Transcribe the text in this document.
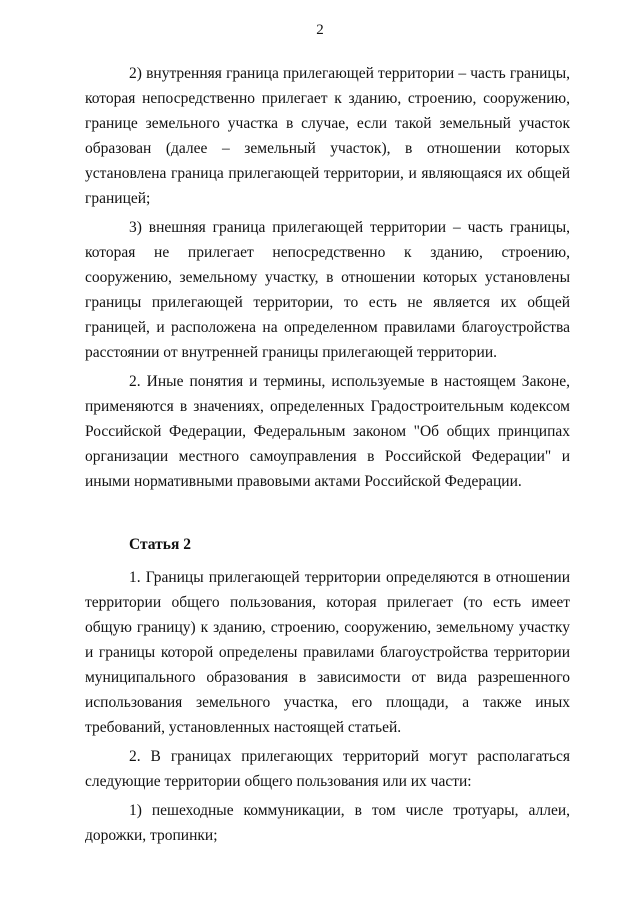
2

2) внутренняя граница прилегающей территории – часть границы, которая непосредственно прилегает к зданию, строению, сооружению, границе земельного участка в случае, если такой земельный участок образован (далее – земельный участок), в отношении которых установлена граница прилегающей территории, и являющаяся их общей границей;

3) внешняя граница прилегающей территории – часть границы, которая не прилегает непосредственно к зданию, строению, сооружению, земельному участку, в отношении которых установлены границы прилегающей территории, то есть не является их общей границей, и расположена на определенном правилами благоустройства расстоянии от внутренней границы прилегающей территории.

2. Иные понятия и термины, используемые в настоящем Законе, применяются в значениях, определенных Градостроительным кодексом Российской Федерации, Федеральным законом "Об общих принципах организации местного самоуправления в Российской Федерации" и иными нормативными правовыми актами Российской Федерации.

Статья 2

1. Границы прилегающей территории определяются в отношении территории общего пользования, которая прилегает (то есть имеет общую границу) к зданию, строению, сооружению, земельному участку и границы которой определены правилами благоустройства территории муниципального образования в зависимости от вида разрешенного использования земельного участка, его площади, а также иных требований, установленных настоящей статьей.

2. В границах прилегающих территорий могут располагаться следующие территории общего пользования или их части:

1) пешеходные коммуникации, в том числе тротуары, аллеи, дорожки, тропинки;
